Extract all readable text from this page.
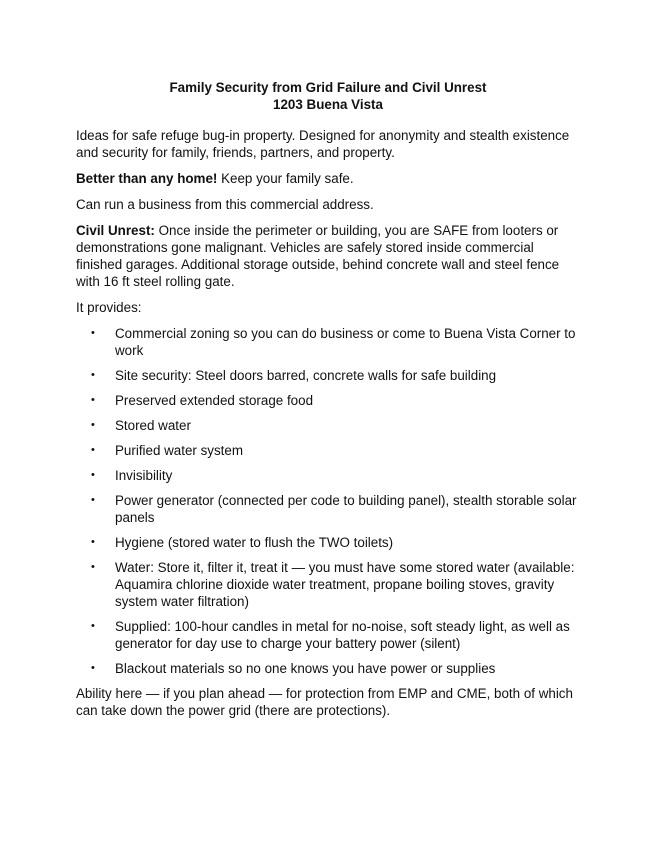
Family Security from Grid Failure and Civil Unrest
1203 Buena Vista

Ideas for safe refuge bug-in property. Designed for anonymity and stealth existence and security for family, friends, partners, and property.

Better than any home! Keep your family safe.

Can run a business from this commercial address.

Civil Unrest: Once inside the perimeter or building, you are SAFE from looters or demonstrations gone malignant. Vehicles are safely stored inside commercial finished garages. Additional storage outside, behind concrete wall and steel fence with 16 ft steel rolling gate.

It provides:

• Commercial zoning so you can do business or come to Buena Vista Corner to work
• Site security: Steel doors barred, concrete walls for safe building
• Preserved extended storage food
• Stored water
• Purified water system
• Invisibility
• Power generator (connected per code to building panel), stealth storable solar panels
• Hygiene (stored water to flush the TWO toilets)
• Water: Store it, filter it, treat it — you must have some stored water (available: Aquamira chlorine dioxide water treatment, propane boiling stoves, gravity system water filtration)
• Supplied: 100-hour candles in metal for no-noise, soft steady light, as well as generator for day use to charge your battery power (silent)
• Blackout materials so no one knows you have power or supplies

Ability here — if you plan ahead — for protection from EMP and CME, both of which can take down the power grid (there are protections).
